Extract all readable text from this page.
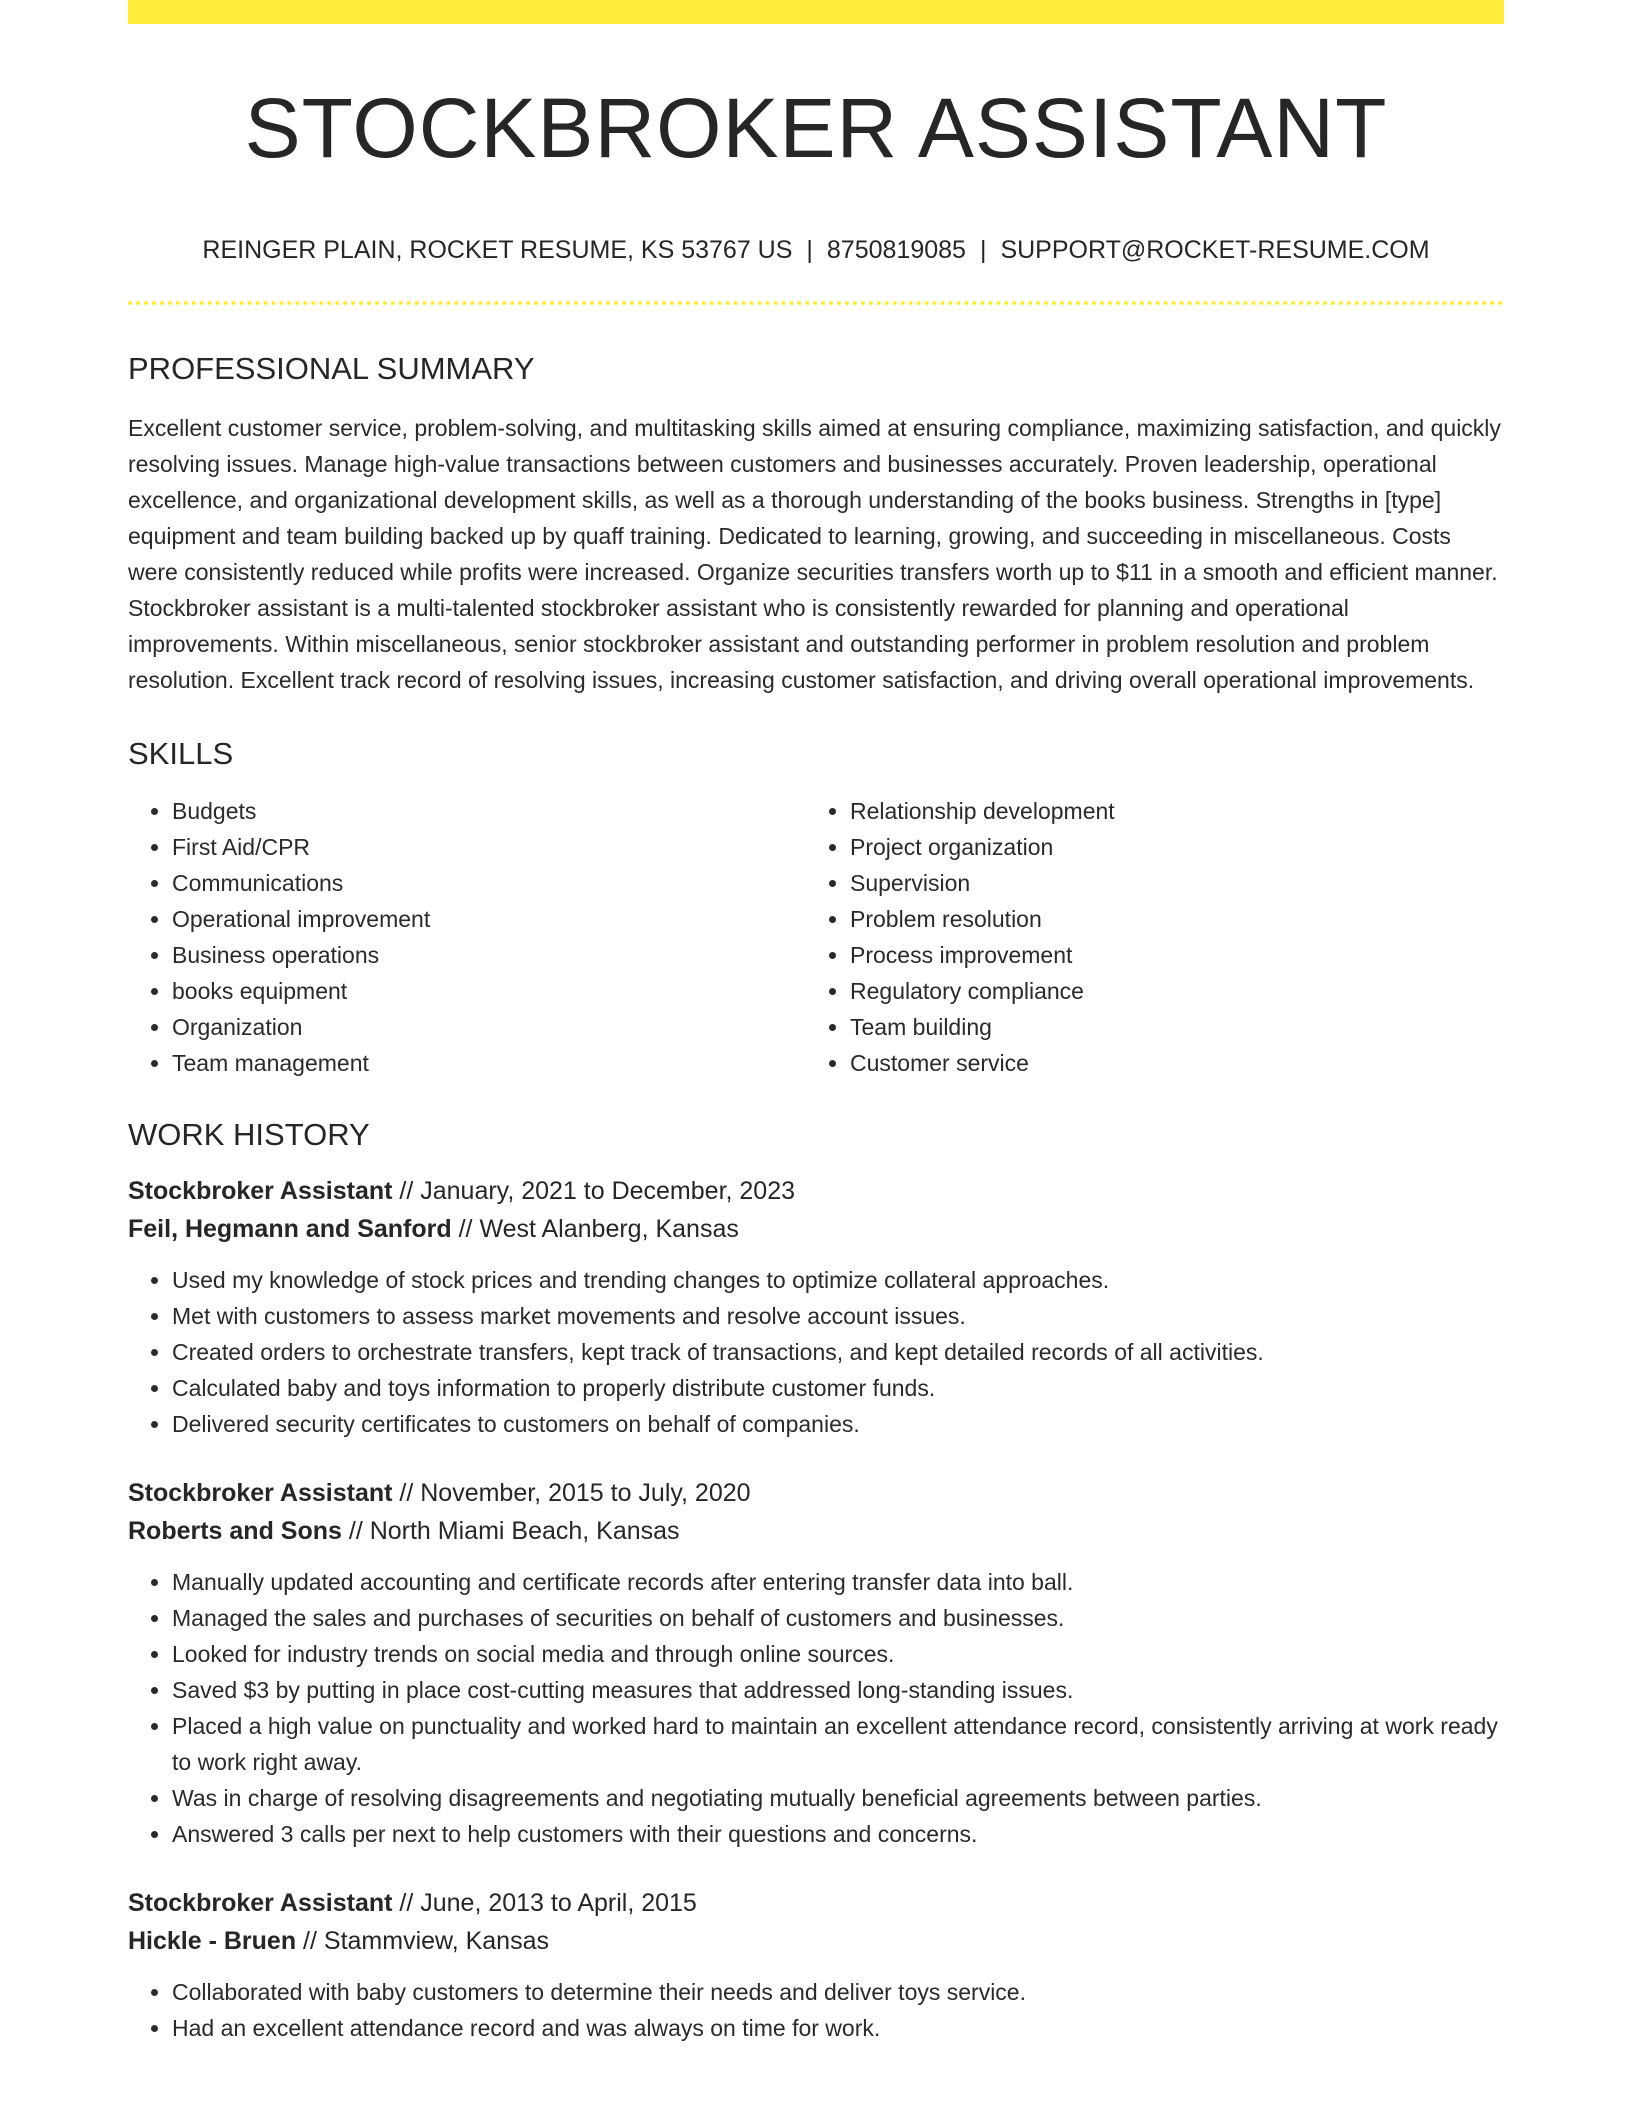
STOCKBROKER ASSISTANT
REINGER PLAIN, ROCKET RESUME, KS 53767 US | 8750819085 | SUPPORT@ROCKET-RESUME.COM
PROFESSIONAL SUMMARY

Excellent customer service, problem-solving, and multitasking skills aimed at ensuring compliance, maximizing satisfaction, and quickly resolving issues. Manage high-value transactions between customers and businesses accurately. Proven leadership, operational excellence, and organizational development skills, as well as a thorough understanding of the books business. Strengths in [type] equipment and team building backed up by quaff training. Dedicated to learning, growing, and succeeding in miscellaneous. Costs were consistently reduced while profits were increased. Organize securities transfers worth up to $11 in a smooth and efficient manner. Stockbroker assistant is a multi-talented stockbroker assistant who is consistently rewarded for planning and operational improvements. Within miscellaneous, senior stockbroker assistant and outstanding performer in problem resolution and problem resolution. Excellent track record of resolving issues, increasing customer satisfaction, and driving overall operational improvements.

SKILLS
• Budgets
• First Aid/CPR
• Communications
• Operational improvement
• Business operations
• books equipment
• Organization
• Team management
• Relationship development
• Project organization
• Supervision
• Problem resolution
• Process improvement
• Regulatory compliance
• Team building
• Customer service
WORK HISTORY
Stockbroker Assistant // January, 2021 to December, 2023
Feil, Hegmann and Sanford // West Alanberg, Kansas
• Used my knowledge of stock prices and trending changes to optimize collateral approaches.
• Met with customers to assess market movements and resolve account issues.
• Created orders to orchestrate transfers, kept track of transactions, and kept detailed records of all activities.
• Calculated baby and toys information to properly distribute customer funds.
• Delivered security certificates to customers on behalf of companies.
Stockbroker Assistant // November, 2015 to July, 2020
Roberts and Sons // North Miami Beach, Kansas
• Manually updated accounting and certificate records after entering transfer data into ball.
• Managed the sales and purchases of securities on behalf of customers and businesses.
• Looked for industry trends on social media and through online sources.
• Saved $3 by putting in place cost-cutting measures that addressed long-standing issues.
• Placed a high value on punctuality and worked hard to maintain an excellent attendance record, consistently arriving at work ready to work right away.
• Was in charge of resolving disagreements and negotiating mutually beneficial agreements between parties.
• Answered 3 calls per next to help customers with their questions and concerns.
Stockbroker Assistant // June, 2013 to April, 2015
Hickle - Bruen // Stammview, Kansas
• Collaborated with baby customers to determine their needs and deliver toys service.
• Had an excellent attendance record and was always on time for work.
